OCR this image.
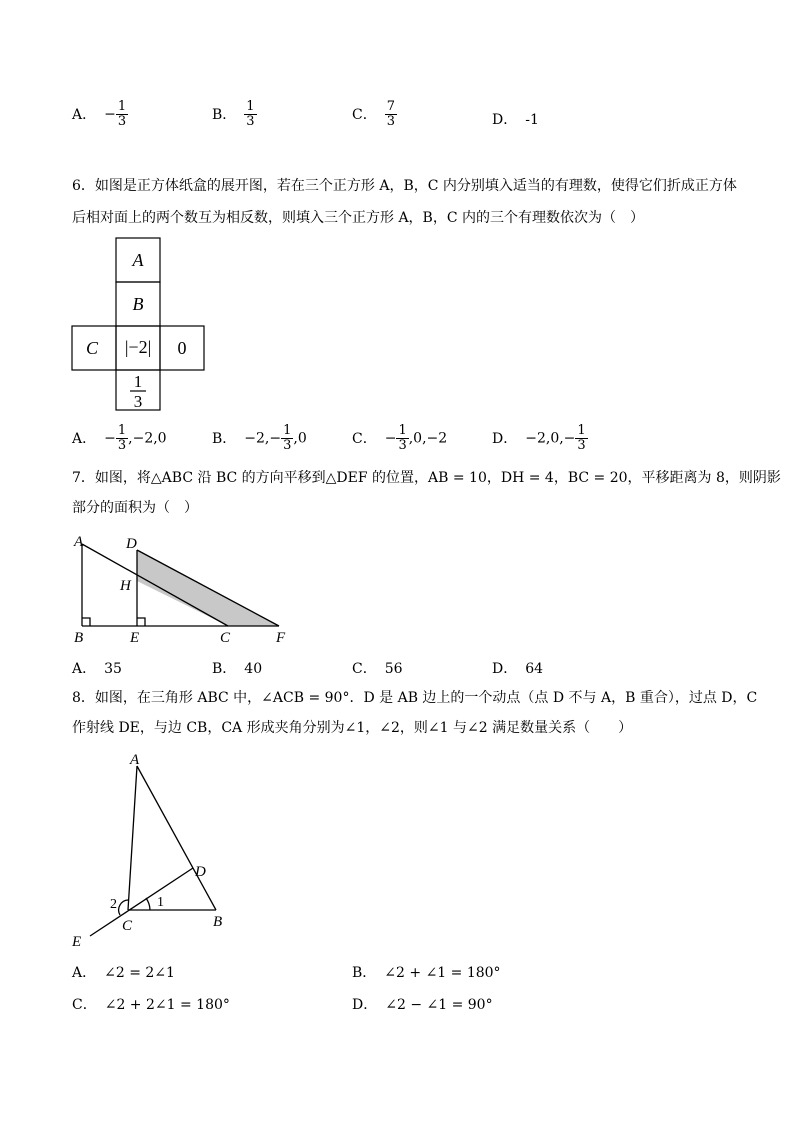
A． − $\frac{1}{3}$	B． $\frac{1}{3}$	C． $\frac{7}{3}$	D． -1
6．如图是正方体纸盒的展开图，若在三个正方形 A，B，C 内分别填入适当的有理数，使得它们折成正方体
后相对面上的两个数互为相反数，则填入三个正方形 A，B，C 内的三个有理数依次为（　）
A
B
C |−2| 0
1
3
A． − $\frac{1}{3} ,-2,0$	B． $-2,- \frac{1}{3} ,0$	C． − $\frac{1}{3} ,0,-2$	D． $-2,0,- \frac{1}{3}$
7．如图，将△ABC 沿 BC 的方向平移到△DEF 的位置，AB = 10，DH = 4，BC = 20，平移距离为 8，则阴影
部分的面积为（　）
A	D
H
B	E	C	F
A． 35	B． 40	C． 56	D． 64
8．如图，在三角形 ABC 中，∠ACB = 90°．D 是 AB 边上的一个动点（点 D 不与 A，B 重合），过点 D，C
作射线 DE，与边 CB，CA 形成夹角分别为∠1，∠2，则∠1 与∠2 满足数量关系（　　）
A
D
B
C
E
1
2
A． ∠2 = 2∠1	B． ∠2 + ∠1 = 180°
C． ∠2 + 2∠1 = 180°	D． ∠2 − ∠1 = 90°
